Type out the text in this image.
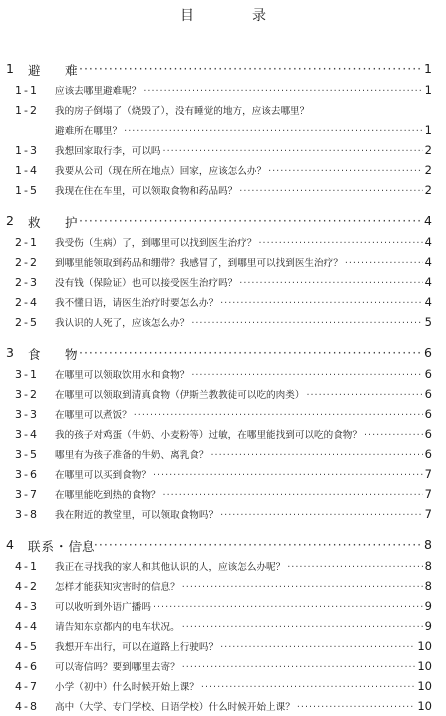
目　录
1 避　难 ·····	1
1-1 应该去哪里避难呢？ ·····	1
1-2 我的房子倒塌了（烧毁了），没有睡觉的地方，应该去哪里？
避难所在哪里？ ·····	1
1-3 我想回家取行李，可以吗 ·····	2
1-4 我要从公司（现在所在地点）回家，应该怎么办？ ·····	2
1-5 我现在住在车里，可以领取食物和药品吗？ ·····	2
2 救　护 ·····	4
2-1 我受伤（生病）了，到哪里可以找到医生治疗？ ·····	4
2-2 到哪里能领取到药品和绷带？我感冒了，到哪里可以找到医生治疗？ ·····	4
2-3 没有钱（保险证）也可以接受医生治疗吗？ ·····	4
2-4 我不懂日语，请医生治疗时要怎么办？ ·····	4
2-5 我认识的人死了，应该怎么办？ ·····	5
3 食　物 ·····	6
3-1 在哪里可以领取饮用水和食物？ ·····	6
3-2 在哪里可以领取到清真食物（伊斯兰教教徒可以吃的肉类） ·····	6
3-3 在哪里可以煮饭？ ·····	6
3-4 我的孩子对鸡蛋（牛奶、小麦粉等）过敏，在哪里能找到可以吃的食物？ ·····	6
3-5 哪里有为孩子准备的牛奶、离乳食？ ·····	6
3-6 在哪里可以买到食物？ ·····	7
3-7 在哪里能吃到热的食物？ ·····	7
3-8 我在附近的教堂里，可以领取食物吗？ ·····	7
4 联系・信息 ·····	8
4-1 我正在寻找我的家人和其他认识的人，应该怎么办呢？ ·····	8
4-2 怎样才能获知灾害时的信息？ ·····	8
4-3 可以收听到外语广播吗 ·····	9
4-4 请告知东京都内的电车状况。 ·····	9
4-5 我想开车出行，可以在道路上行驶吗？ ·····	10
4-6 可以寄信吗？要到哪里去寄？ ·····	10
4-7 小学（初中）什么时候开始上课？ ·····	10
4-8 高中（大学、专门学校、日语学校）什么时候开始上课？ ·····	10
